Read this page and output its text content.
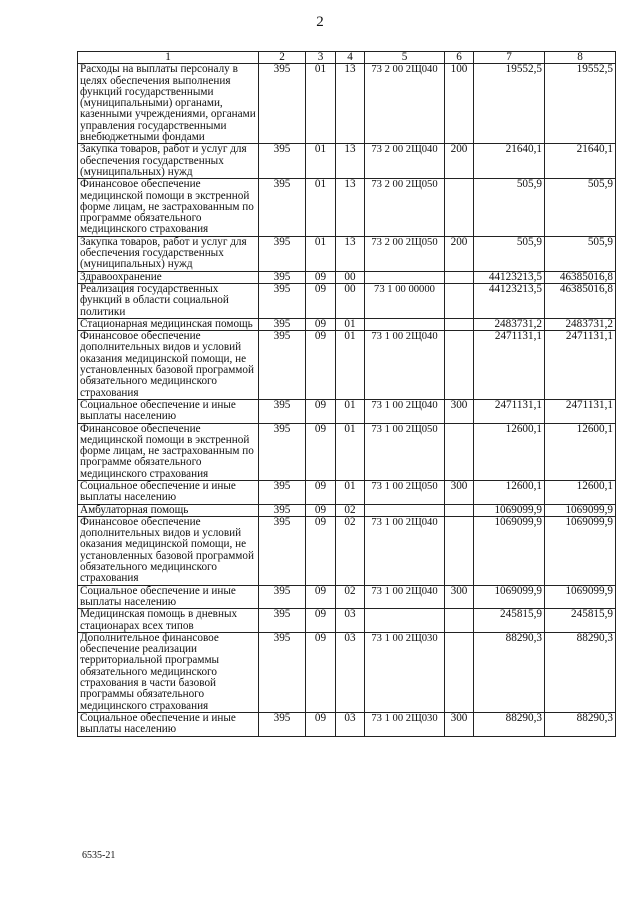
2
1	2	3	4	5	6	7	8
Расходы на выплаты персоналу в целях обеспечения выполнения функций государственными (муниципальными) органами, казенными учреждениями, органами управления государственными внебюджетными фондами	395	01	13	73 2 00 2Щ040	100	19552,5	19552,5
Закупка товаров, работ и услуг для обеспечения государственных (муниципальных) нужд	395	01	13	73 2 00 2Щ040	200	21640,1	21640,1
Финансовое обеспечение медицинской помощи в экстренной форме лицам, не застрахованным по программе обязательного медицинского страхования	395	01	13	73 2 00 2Щ050		505,9	505,9
Закупка товаров, работ и услуг для обеспечения государственных (муниципальных) нужд	395	01	13	73 2 00 2Щ050	200	505,9	505,9
Здравоохранение	395	09	00			44123213,5	46385016,8
Реализация государственных функций в области социальной политики	395	09	00	73 1 00 00000		44123213,5	46385016,8
Стационарная медицинская помощь	395	09	01			2483731,2	2483731,2
Финансовое обеспечение дополнительных видов и условий оказания медицинской помощи, не установленных базовой программой обязательного медицинского страхования	395	09	01	73 1 00 2Щ040		2471131,1	2471131,1
Социальное обеспечение и иные выплаты населению	395	09	01	73 1 00 2Щ040	300	2471131,1	2471131,1
Финансовое обеспечение медицинской помощи в экстренной форме лицам, не застрахованным по программе обязательного медицинского страхования	395	09	01	73 1 00 2Щ050		12600,1	12600,1
Социальное обеспечение и иные выплаты населению	395	09	01	73 1 00 2Щ050	300	12600,1	12600,1
Амбулаторная помощь	395	09	02			1069099,9	1069099,9
Финансовое обеспечение дополнительных видов и условий оказания медицинской помощи, не установленных базовой программой обязательного медицинского страхования	395	09	02	73 1 00 2Щ040		1069099,9	1069099,9
Социальное обеспечение и иные выплаты населению	395	09	02	73 1 00 2Щ040	300	1069099,9	1069099,9
Медицинская помощь в дневных стационарах всех типов	395	09	03			245815,9	245815,9
Дополнительное финансовое обеспечение реализации территориальной программы обязательного медицинского страхования в части базовой программы обязательного медицинского страхования	395	09	03	73 1 00 2Щ030		88290,3	88290,3
Социальное обеспечение и иные выплаты населению	395	09	03	73 1 00 2Щ030	300	88290,3	88290,3
6535-21
